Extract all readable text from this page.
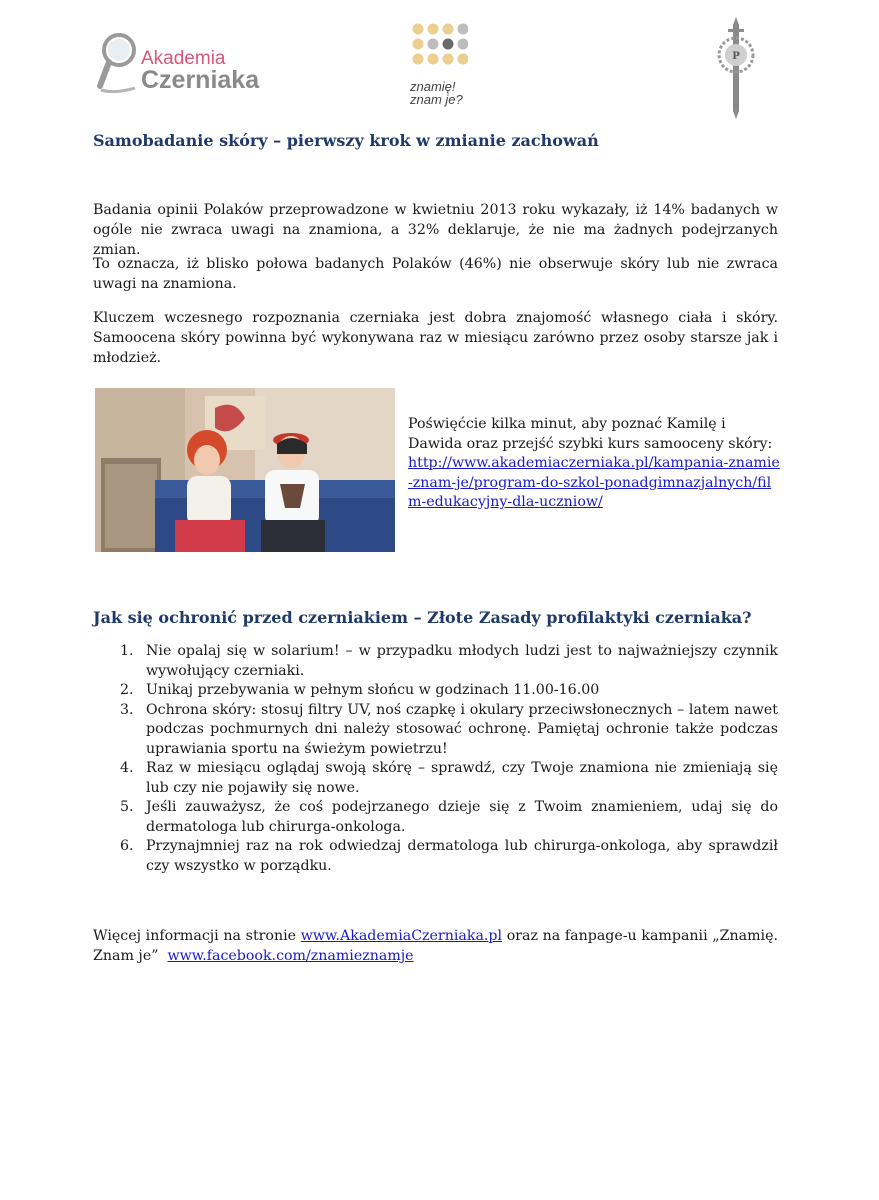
Akademia
Czerniaka	znamię!
znam je?
P
Samobadanie skóry – pierwszy krok w zmianie zachowań

Badania opinii Polaków przeprowadzone w kwietniu 2013 roku wykazały, iż 14% badanych w ogóle nie zwraca uwagi na znamiona, a 32% deklaruje, że nie ma żadnych podejrzanych zmian.

To oznacza, iż blisko połowa badanych Polaków (46%) nie obserwuje skóry lub nie zwraca uwagi na znamiona.

Kluczem wczesnego rozpoznania czerniaka jest dobra znajomość własnego ciała i skóry. Samoocena skóry powinna być wykonywana raz w miesiącu zarówno przez osoby starsze jak i młodzież.

Poświęćcie kilka minut, aby poznać Kamilę i Dawida oraz przejść szybki kurs samooceny skóry: http://www.akademiaczerniaka.pl/kampania-znamie-znam-je/program-do-szkol-ponadgimnazjalnych/film-edukacyjny-dla-uczniow/
Jak się ochronić przed czerniakiem – Złote Zasady profilaktyki czerniaka?
1. Nie opalaj się w solarium! – w przypadku młodych ludzi jest to najważniejszy czynnik wywołujący czerniaki.
2. Unikaj przebywania w pełnym słońcu w godzinach 11.00-16.00
3. Ochrona skóry: stosuj filtry UV, noś czapkę i okulary przeciwsłonecznych – latem nawet podczas pochmurnych dni należy stosować ochronę. Pamiętaj ochronie także podczas uprawiania sportu na świeżym powietrzu!
4. Raz w miesiącu oglądaj swoją skórę – sprawdź, czy Twoje znamiona nie zmieniają się lub czy nie pojawiły się nowe.
5. Jeśli zauważysz, że coś podejrzanego dzieje się z Twoim znamieniem, udaj się do dermatologa lub chirurga-onkologa.
6. Przynajmniej raz na rok odwiedzaj dermatologa lub chirurga-onkologa, aby sprawdził czy wszystko w porządku.
Więcej informacji na stronie www.AkademiaCzerniaka.pl oraz na fanpage-u kampanii „Znamię. Znam je”  www.facebook.com/znamieznamje
